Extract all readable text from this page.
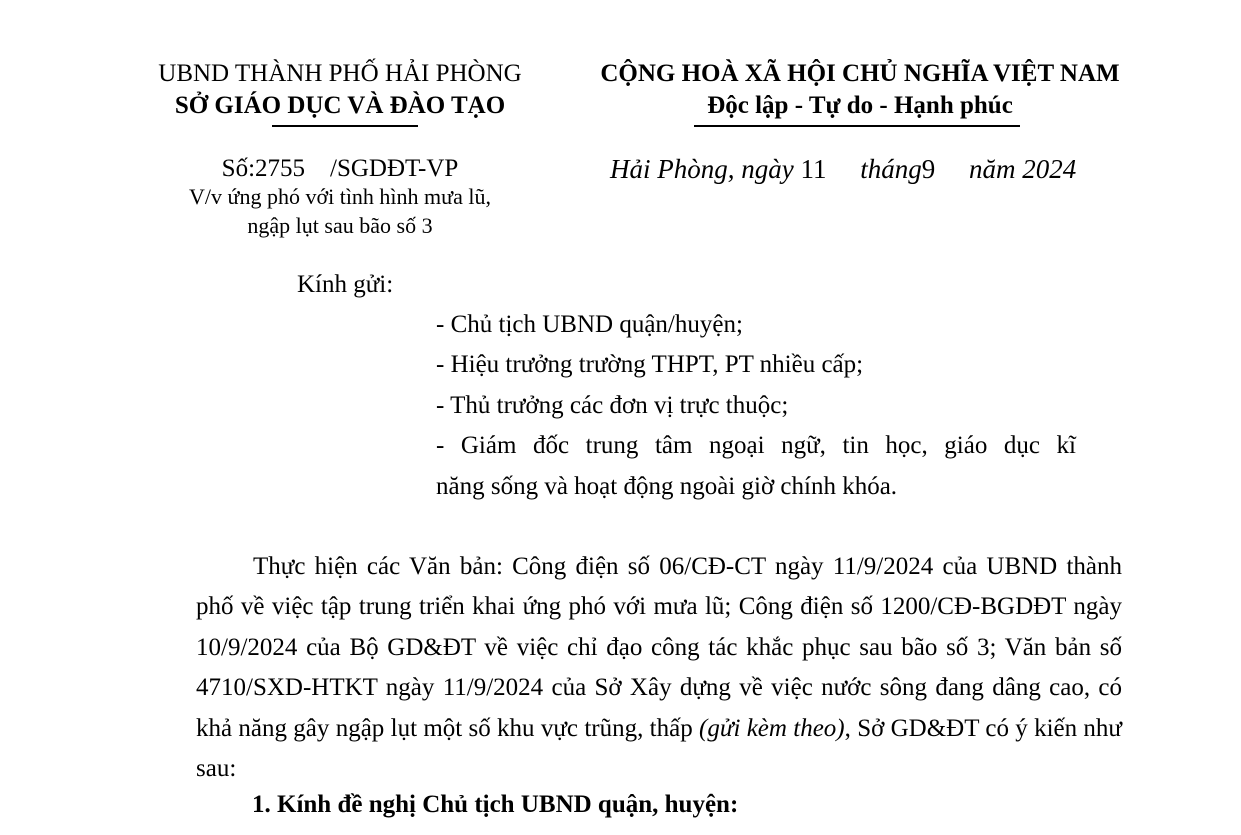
UBND THÀNH PHỐ HẢI PHÒNG
SỞ GIÁO DỤC VÀ ĐÀO TẠO
CỘNG HOÀ XÃ HỘI CHỦ NGHĨA VIỆT NAM
Độc lập - Tự do - Hạnh phúc
Số:2755 /SGDĐT-VP
V/v ứng phó với tình hình mưa lũ,
ngập lụt sau bão số 3
Hải Phòng, ngày 11 tháng9 năm 2024
Kính gửi:
- Chủ tịch UBND quận/huyện;
- Hiệu trưởng trường THPT, PT nhiều cấp;
- Thủ trưởng các đơn vị trực thuộc;
- Giám đốc trung tâm ngoại ngữ, tin học, giáo dục kĩ
năng sống và hoạt động ngoài giờ chính khóa.

Thực hiện các Văn bản: Công điện số 06/CĐ-CT ngày 11/9/2024 của UBND thành phố về việc tập trung triển khai ứng phó với mưa lũ; Công điện số 1200/CĐ-BGDĐT ngày 10/9/2024 của Bộ GD&ĐT về việc chỉ đạo công tác khắc phục sau bão số 3; Văn bản số 4710/SXD-HTKT ngày 11/9/2024 của Sở Xây dựng về việc nước sông đang dâng cao, có khả năng gây ngập lụt một số khu vực trũng, thấp (gửi kèm theo), Sở GD&ĐT có ý kiến như sau:

1. Kính đề nghị Chủ tịch UBND quận, huyện:
